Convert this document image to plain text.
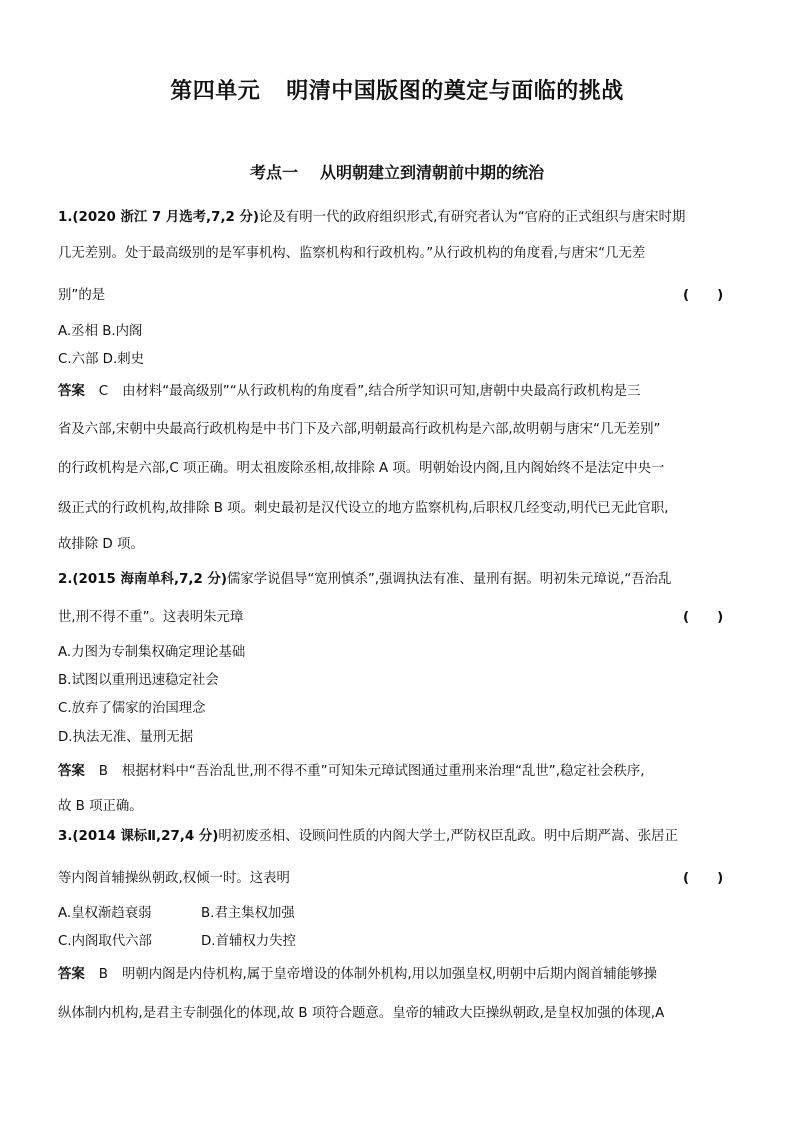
第四单元 明清中国版图的奠定与面临的挑战
考点一 从明朝建立到清朝前中期的统治
1.(2020 浙江 7 月选考,7,2 分)论及有明一代的政府组织形式,有研究者认为“官府的正式组织与唐宋时期
几无差别。处于最高级别的是军事机构、监察机构和行政机构。”从行政机构的角度看,与唐宋“几无差
别”的是	(      )
A.丞相 B.内阁
C.六部 D.刺史
答案 C 由材料“最高级别”“从行政机构的角度看”,结合所学知识可知,唐朝中央最高行政机构是三
省及六部,宋朝中央最高行政机构是中书门下及六部,明朝最高行政机构是六部,故明朝与唐宋“几无差别”
的行政机构是六部,C 项正确。明太祖废除丞相,故排除 A 项。明朝始设内阁,且内阁始终不是法定中央一
级正式的行政机构,故排除 B 项。刺史最初是汉代设立的地方监察机构,后职权几经变动,明代已无此官职,
故排除 D 项。
2.(2015 海南单科,7,2 分)儒家学说倡导“宽刑慎杀”,强调执法有准、量刑有据。明初朱元璋说,“吾治乱
世,刑不得不重”。这表明朱元璋	(      )
A.力图为专制集权确定理论基础
B.试图以重刑迅速稳定社会
C.放弃了儒家的治国理念
D.执法无准、量刑无据
答案 B 根据材料中“吾治乱世,刑不得不重”可知朱元璋试图通过重刑来治理“乱世”,稳定社会秩序,
故 B 项正确。
3.(2014 课标Ⅱ,27,4 分)明初废丞相、设顾问性质的内阁大学士,严防权臣乱政。明中后期严嵩、张居正
等内阁首辅操纵朝政,权倾一时。这表明	(      )
A.皇权渐趋衰弱	B.君主集权加强
C.内阁取代六部	D.首辅权力失控
答案 B 明朝内阁是内侍机构,属于皇帝增设的体制外机构,用以加强皇权,明朝中后期内阁首辅能够操
纵体制内机构,是君主专制强化的体现,故 B 项符合题意。皇帝的辅政大臣操纵朝政,是皇权加强的体现,A
